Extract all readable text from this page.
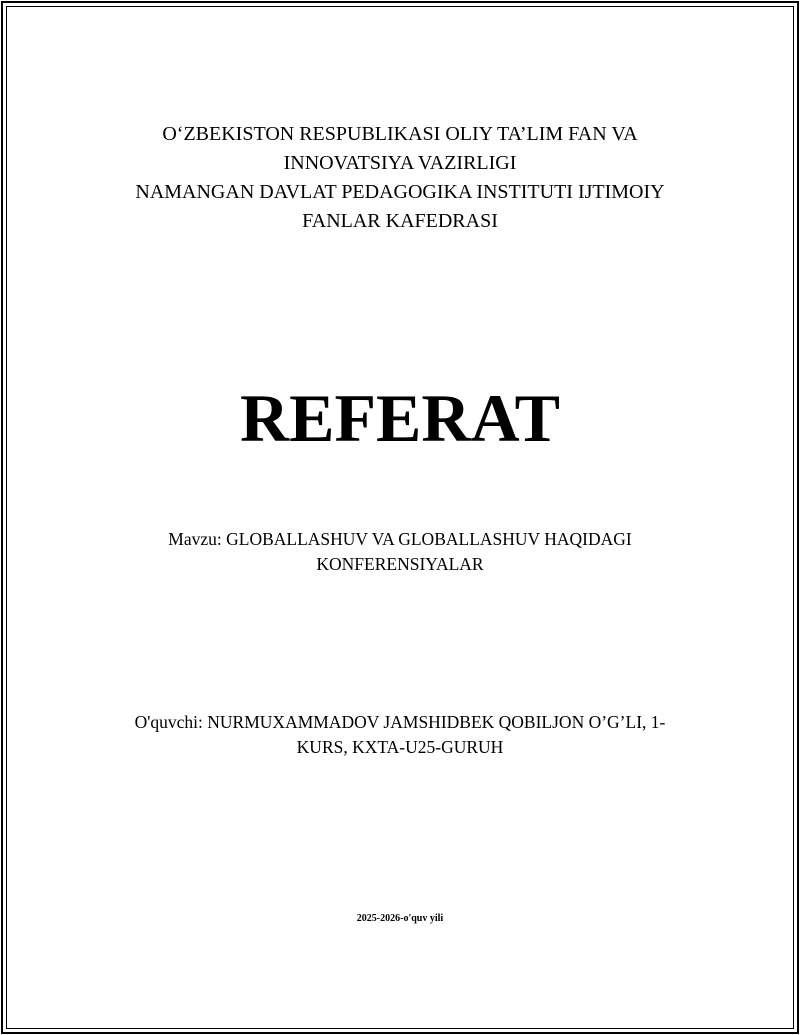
O‘ZBEKISTON RESPUBLIKASI OLIY TA’LIM FAN VA
INNOVATSIYA VAZIRLIGI
NAMANGAN DAVLAT PEDAGOGIKA INSTITUTI IJTIMOIY
FANLAR KAFEDRASI
REFERAT
Mavzu: GLOBALLASHUV VA GLOBALLASHUV HAQIDAGI
KONFERENSIYALAR
O'quvchi: NURMUXAMMADOV JAMSHIDBEK QOBILJON O’G’LI, 1-
KURS, KXTA-U25-GURUH
2025-2026-o'quv yili
